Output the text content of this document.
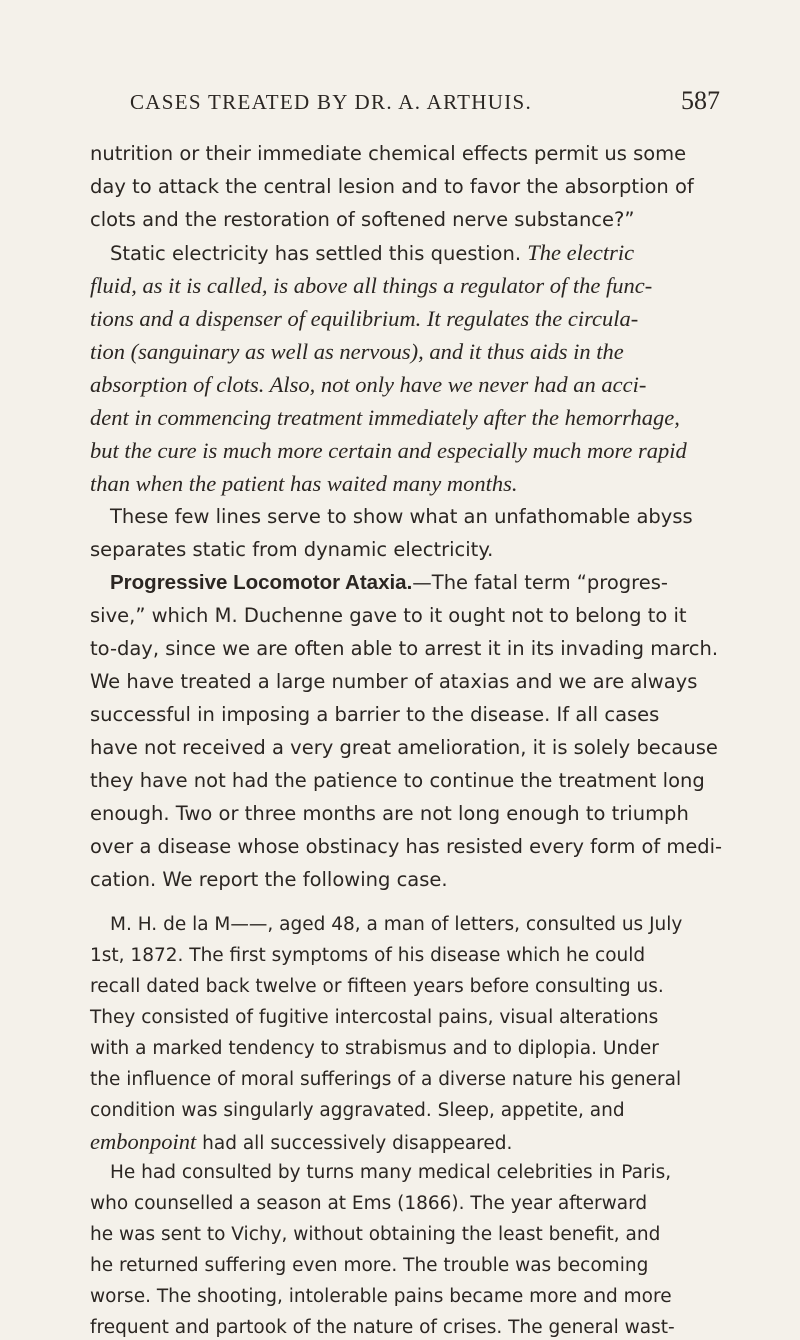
CASES TREATED BY DR. A. ARTHUIS.	587
nutrition or their immediate chemical effects permit us some
day to attack the central lesion and to favor the absorption of
clots and the restoration of softened nerve substance?”
Static electricity has settled this question. The electric
fluid, as it is called, is above all things a regulator of the func-
tions and a dispenser of equilibrium. It regulates the circula-
tion (sanguinary as well as nervous), and it thus aids in the
absorption of clots. Also, not only have we never had an acci-
dent in commencing treatment immediately after the hemorrhage,
but the cure is much more certain and especially much more rapid
than when the patient has waited many months.
These few lines serve to show what an unfathomable abyss
separates static from dynamic electricity.
Progressive Locomotor Ataxia.—The fatal term “progres-
sive,” which M. Duchenne gave to it ought not to belong to it
to-day, since we are often able to arrest it in its invading march.
We have treated a large number of ataxias and we are always
successful in imposing a barrier to the disease. If all cases
have not received a very great amelioration, it is solely because
they have not had the patience to continue the treatment long
enough. Two or three months are not long enough to triumph
over a disease whose obstinacy has resisted every form of medi-
cation. We report the following case.
M. H. de la M——, aged 48, a man of letters, consulted us July
1st, 1872. The first symptoms of his disease which he could
recall dated back twelve or fifteen years before consulting us.
They consisted of fugitive intercostal pains, visual alterations
with a marked tendency to strabismus and to diplopia. Under
the influence of moral sufferings of a diverse nature his general
condition was singularly aggravated. Sleep, appetite, and
embonpoint had all successively disappeared.
He had consulted by turns many medical celebrities in Paris,
who counselled a season at Ems (1866). The year afterward
he was sent to Vichy, without obtaining the least benefit, and
he returned suffering even more. The trouble was becoming
worse. The shooting, intolerable pains became more and more
frequent and partook of the nature of crises. The general wast-
